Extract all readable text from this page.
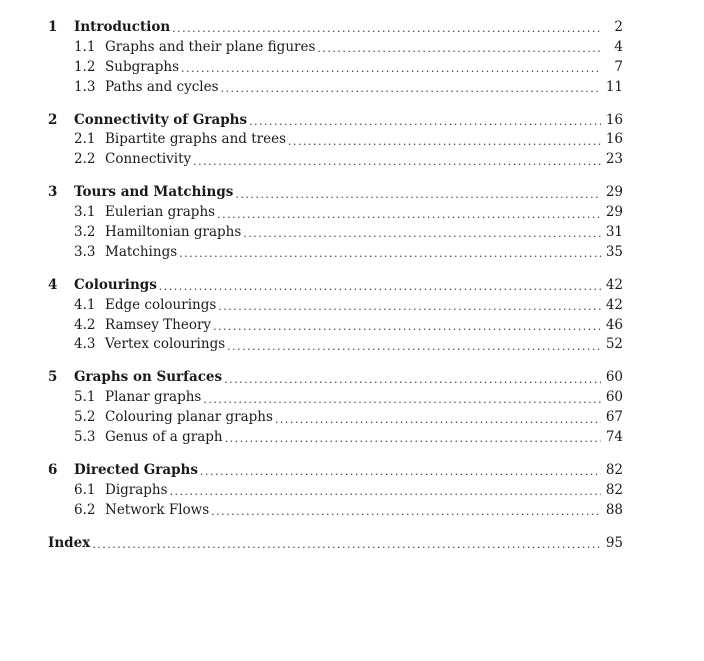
1	Introduction .....	2
1.1 Graphs and their plane figures .....	4
1.2 Subgraphs .....	7
1.3 Paths and cycles .....	11
2	Connectivity of Graphs .....	16
2.1 Bipartite graphs and trees .....	16
2.2 Connectivity .....	23
3	Tours and Matchings .....	29
3.1 Eulerian graphs .....	29
3.2 Hamiltonian graphs .....	31
3.3 Matchings .....	35
4	Colourings .....	42
4.1 Edge colourings .....	42
4.2 Ramsey Theory .....	46
4.3 Vertex colourings .....	52
5	Graphs on Surfaces .....	60
5.1 Planar graphs .....	60
5.2 Colouring planar graphs .....	67
5.3 Genus of a graph .....	74
6	Directed Graphs .....	82
6.1 Digraphs .....	82
6.2 Network Flows .....	88
Index .....	95
